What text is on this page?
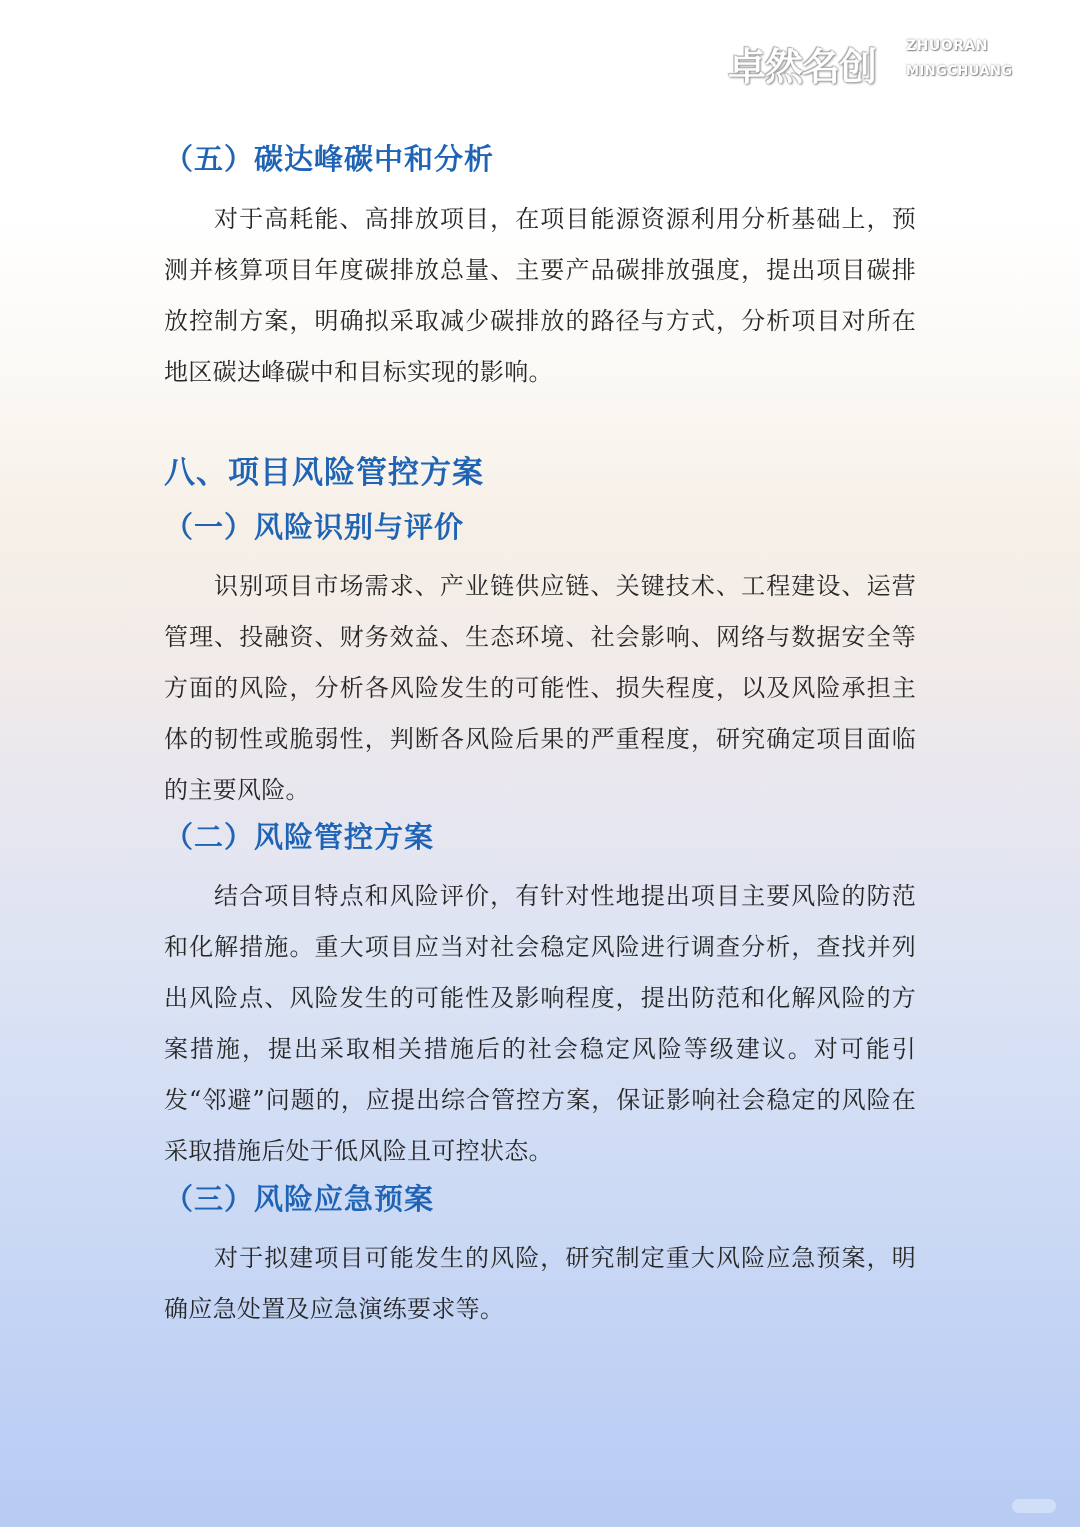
卓然名创 ZHUORAN
MINGCHUANG
（五）碳达峰碳中和分析
对于高耗能、高排放项目，在项目能源资源利用分析基础上，预测并核算项目年度碳排放总量、主要产品碳排放强度，提出项目碳排放控制方案，明确拟采取减少碳排放的路径与方式，分析项目对所在地区碳达峰碳中和目标实现的影响。
八、项目风险管控方案
（一）风险识别与评价
识别项目市场需求、产业链供应链、关键技术、工程建设、运营管理、投融资、财务效益、生态环境、社会影响、网络与数据安全等方面的风险，分析各风险发生的可能性、损失程度，以及风险承担主体的韧性或脆弱性，判断各风险后果的严重程度，研究确定项目面临的主要风险。
（二）风险管控方案
结合项目特点和风险评价，有针对性地提出项目主要风险的防范和化解措施。重大项目应当对社会稳定风险进行调查分析，查找并列出风险点、风险发生的可能性及影响程度，提出防范和化解风险的方案措施，提出采取相关措施后的社会稳定风险等级建议。对可能引发“邻避”问题的，应提出综合管控方案，保证影响社会稳定的风险在采取措施后处于低风险且可控状态。
（三）风险应急预案
对于拟建项目可能发生的风险，研究制定重大风险应急预案，明确应急处置及应急演练要求等。
